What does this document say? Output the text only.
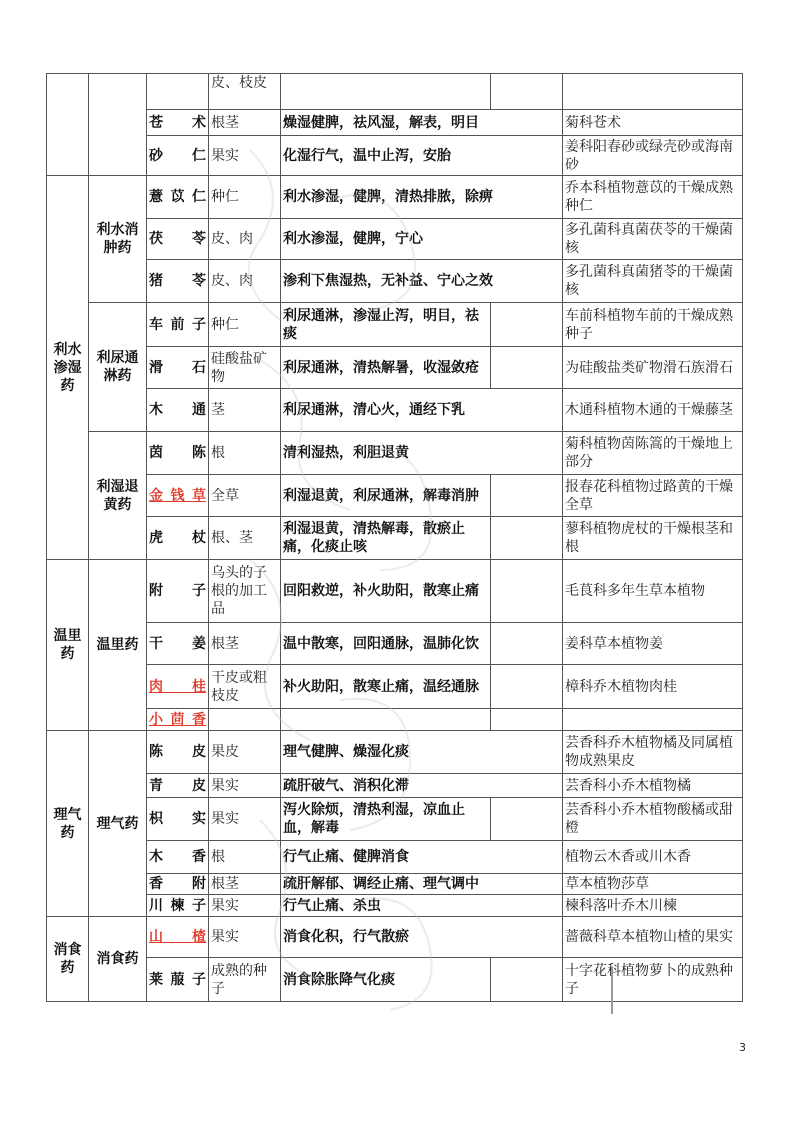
			皮、枝皮			
		苍　术	根茎	燥湿健脾，祛风湿，解表，明目		菊科苍术
		砂　仁	果实	化湿行气，温中止泻，安胎		姜科阳春砂或绿壳砂或海南砂
利水渗湿药	利水消肿药	薏苡仁	种仁	利水渗湿，健脾，清热排脓，除痹		乔本科植物薏苡的干燥成熟种仁
		茯　苓	皮、肉	利水渗湿，健脾，宁心		多孔菌科真菌茯苓的干燥菌核
		猪　苓	皮、肉	渗利下焦湿热，无补益、宁心之效		多孔菌科真菌猪苓的干燥菌核
	利尿通淋药	车前子	种仁	利尿通淋，渗湿止泻，明目，祛痰		车前科植物车前的干燥成熟种子
		滑　石	硅酸盐矿物	利尿通淋，清热解暑，收湿敛疮		为硅酸盐类矿物滑石族滑石
		木　通	茎	利尿通淋，清心火，通经下乳		木通科植物木通的干燥藤茎
	利湿退黄药	茵　陈	根	清利湿热，利胆退黄		菊科植物茵陈篙的干燥地上部分
		金钱草	全草	利湿退黄，利尿通淋，解毒消肿		报春花科植物过路黄的干燥全草
		虎　杖	根、茎	利湿退黄，清热解毒，散瘀止痛，化痰止咳		蓼科植物虎杖的干燥根茎和根
温里药	温里药	附　子	乌头的子根的加工品	回阳救逆，补火助阳，散寒止痛		毛茛科多年生草本植物
		干　姜	根茎	温中散寒，回阳通脉，温肺化饮		姜科草本植物姜
		肉　桂	干皮或粗枝皮	补火助阳，散寒止痛，温经通脉		樟科乔木植物肉桂
		小茴香				
理气药	理气药	陈　皮	果皮	理气健脾、燥湿化痰		芸香科乔木植物橘及同属植物成熟果皮
		青　皮	果实	疏肝破气、消积化滞		芸香科小乔木植物橘
		枳　实	果实	泻火除烦，清热利湿，凉血止血，解毒		芸香科小乔木植物酸橘或甜橙
		木　香	根	行气止痛、健脾消食		植物云木香或川木香
		香　附	根茎	疏肝解郁、调经止痛、理气调中		草本植物莎草
		川楝子	果实	行气止痛、杀虫		楝科落叶乔木川楝
消食药	消食药	山　楂	果实	消食化积，行气散瘀		蔷薇科草本植物山楂的果实
		莱菔子	成熟的种子	消食除胀降气化痰		十字花科植物萝卜的成熟种子
3
